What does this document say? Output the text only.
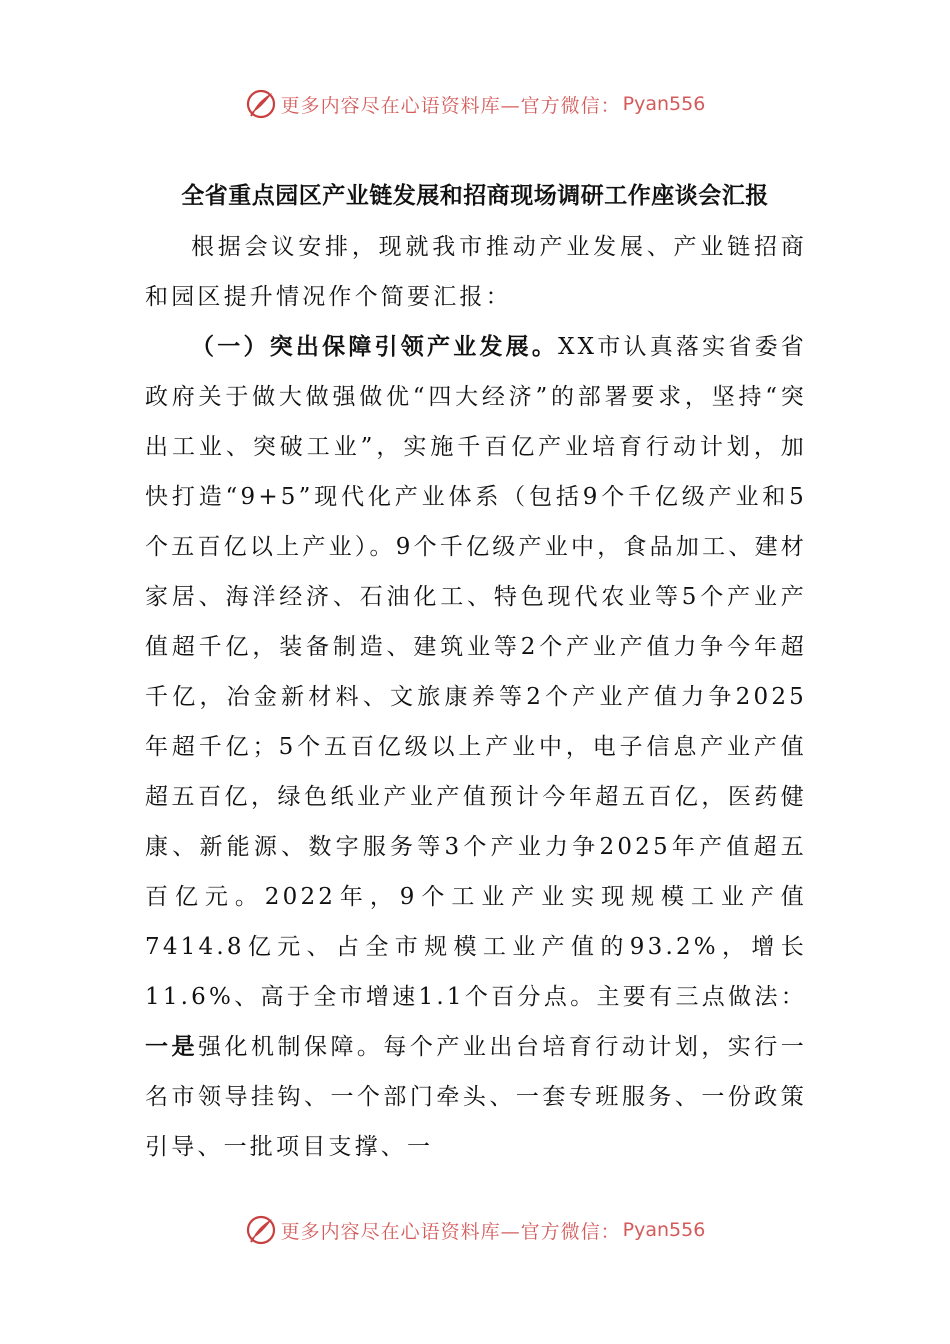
更多内容尽在心语资料库—官方微信： Pyan556
全省重点园区产业链发展和招商现场调研工作座谈会汇报

根据会议安排，现就我市推动产业发展、产业链招商和园区提升情况作个简要汇报：

（一）突出保障引领产业发展。XX市认真落实省委省政府关于做大做强做优“四大经济”的部署要求，坚持“突出工业、突破工业”，实施千百亿产业培育行动计划，加快打造“9+5”现代化产业体系（包括9个千亿级产业和5个五百亿以上产业）。9个千亿级产业中，食品加工、建材家居、海洋经济、石油化工、特色现代农业等5个产业产值超千亿，装备制造、建筑业等2个产业产值力争今年超千亿，冶金新材料、文旅康养等2个产业产值力争2025年超千亿；5个五百亿级以上产业中，电子信息产业产值超五百亿，绿色纸业产业产值预计今年超五百亿，医药健康、新能源、数字服务等3个产业力争2025年产值超五百亿元。2022年，9个工业产业实现规模工业产值7414.8亿元、占全市规模工业产值的93.2%，增长11.6%、高于全市增速1.1个百分点。主要有三点做法：一是强化机制保障。每个产业出台培育行动计划，实行一名市领导挂钩、一个部门牵头、一套专班服务、一份政策引导、一批项目支撑、一

更多内容尽在心语资料库—官方微信： Pyan556
